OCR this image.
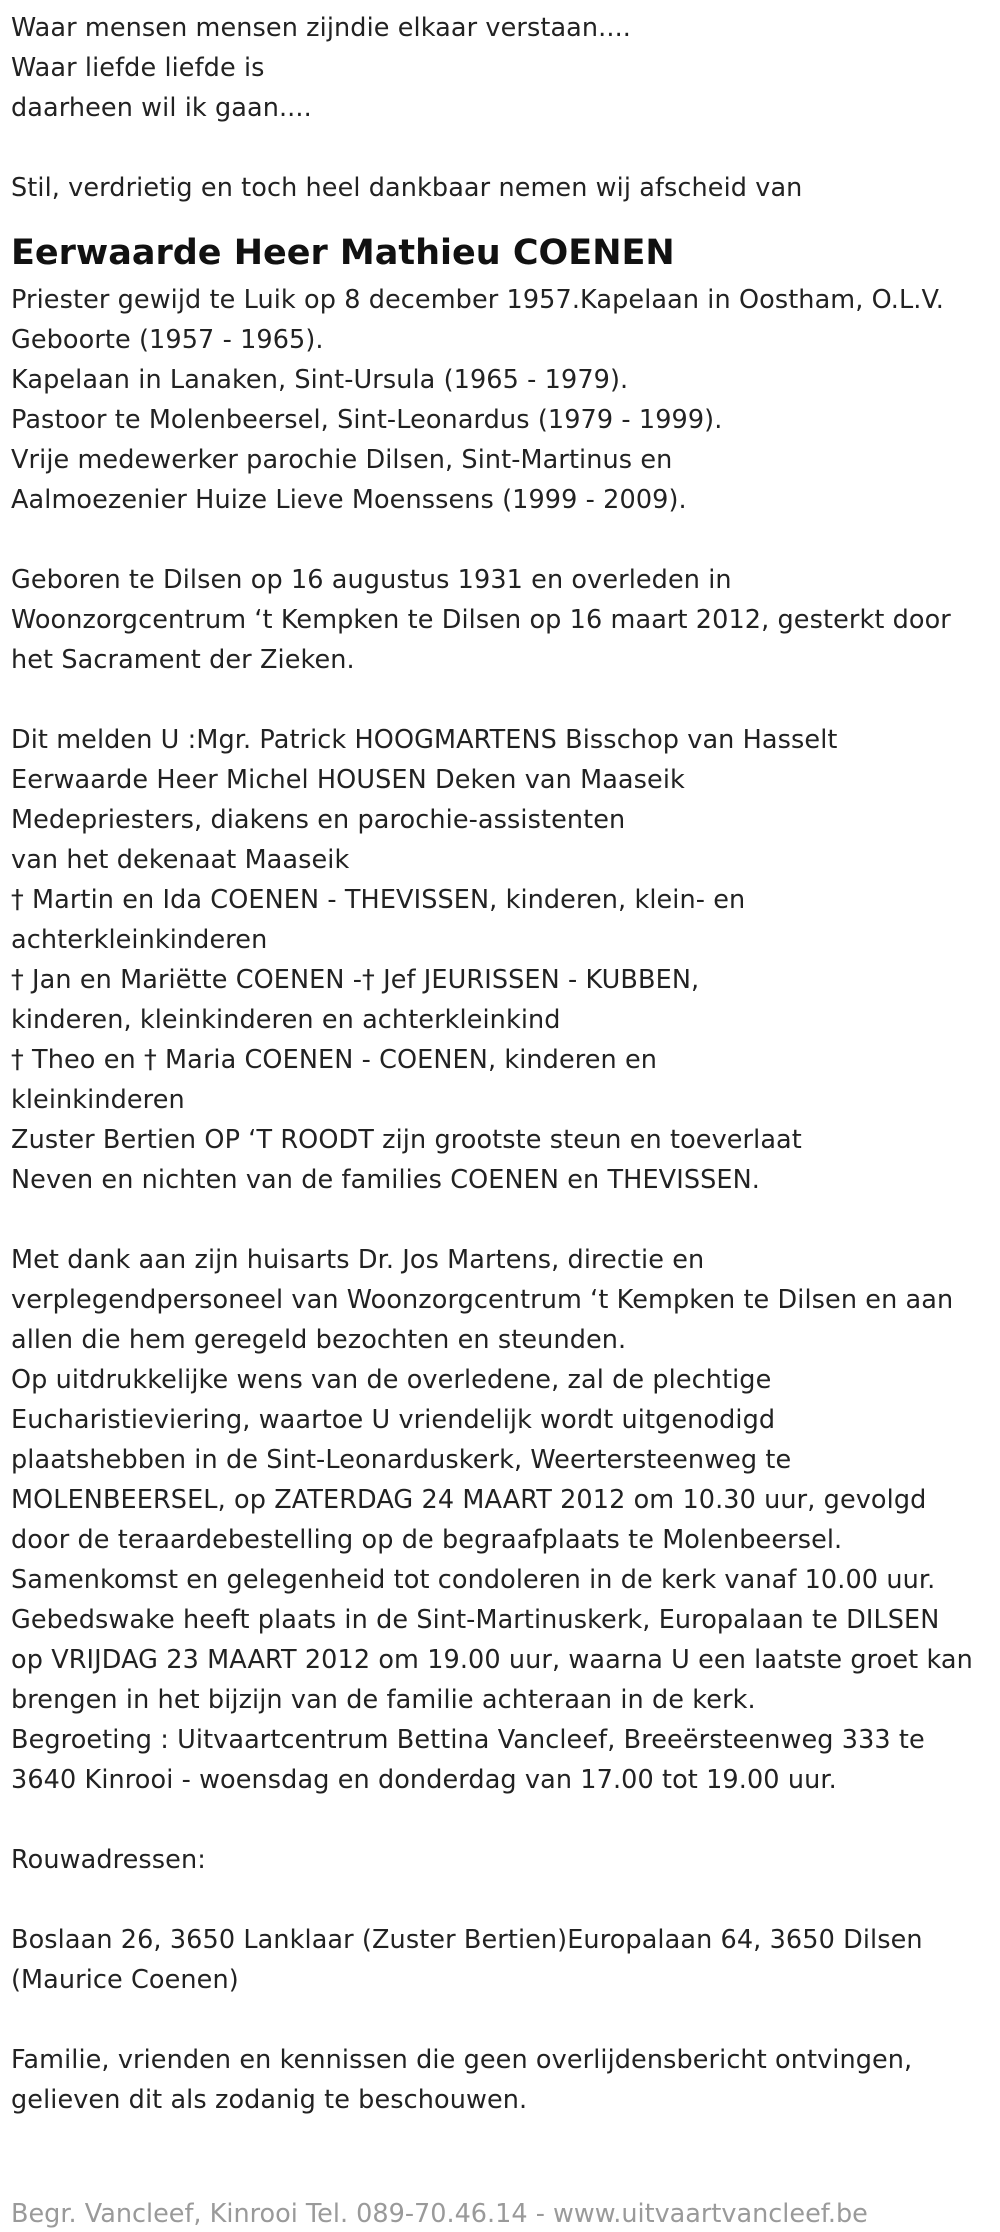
Waar mensen mensen zijndie elkaar verstaan....
Waar liefde liefde is
daarheen wil ik gaan....
Stil, verdrietig en toch heel dankbaar nemen wij afscheid van
Eerwaarde Heer Mathieu COENEN
Priester gewijd te Luik op 8 december 1957.Kapelaan in Oostham, O.L.V.
Geboorte (1957 - 1965).
Kapelaan in Lanaken, Sint-Ursula (1965 - 1979).
Pastoor te Molenbeersel, Sint-Leonardus (1979 - 1999).
Vrije medewerker parochie Dilsen, Sint-Martinus en
Aalmoezenier Huize Lieve Moenssens (1999 - 2009).
Geboren te Dilsen op 16 augustus 1931 en overleden in
Woonzorgcentrum ‘t Kempken te Dilsen op 16 maart 2012, gesterkt door
het Sacrament der Zieken.
Dit melden U :Mgr. Patrick HOOGMARTENS Bisschop van Hasselt
Eerwaarde Heer Michel HOUSEN Deken van Maaseik
Medepriesters, diakens en parochie-assistenten
van het dekenaat Maaseik
† Martin en Ida COENEN - THEVISSEN, kinderen, klein- en
achterkleinkinderen
† Jan en Mariëtte COENEN -† Jef JEURISSEN - KUBBEN,
kinderen, kleinkinderen en achterkleinkind
† Theo en † Maria COENEN - COENEN, kinderen en
kleinkinderen
Zuster Bertien OP ‘T ROODT zijn grootste steun en toeverlaat
Neven en nichten van de families COENEN en THEVISSEN.
Met dank aan zijn huisarts Dr. Jos Martens, directie en
verplegendpersoneel van Woonzorgcentrum ‘t Kempken te Dilsen en aan
allen die hem geregeld bezochten en steunden.
Op uitdrukkelijke wens van de overledene, zal de plechtige
Eucharistieviering, waartoe U vriendelijk wordt uitgenodigd
plaatshebben in de Sint-Leonarduskerk, Weertersteenweg te
MOLENBEERSEL, op ZATERDAG 24 MAART 2012 om 10.30 uur, gevolgd
door de teraardebestelling op de begraafplaats te Molenbeersel.
Samenkomst en gelegenheid tot condoleren in de kerk vanaf 10.00 uur.
Gebedswake heeft plaats in de Sint-Martinuskerk, Europalaan te DILSEN
op VRIJDAG 23 MAART 2012 om 19.00 uur, waarna U een laatste groet kan
brengen in het bijzijn van de familie achteraan in de kerk.
Begroeting : Uitvaartcentrum Bettina Vancleef, Breeërsteenweg 333 te
3640 Kinrooi - woensdag en donderdag van 17.00 tot 19.00 uur.
Rouwadressen:
Boslaan 26, 3650 Lanklaar (Zuster Bertien)Europalaan 64, 3650 Dilsen
(Maurice Coenen)
Familie, vrienden en kennissen die geen overlijdensbericht ontvingen,
gelieven dit als zodanig te beschouwen.
Begr. Vancleef, Kinrooi Tel. 089-70.46.14 - www.uitvaartvancleef.be
